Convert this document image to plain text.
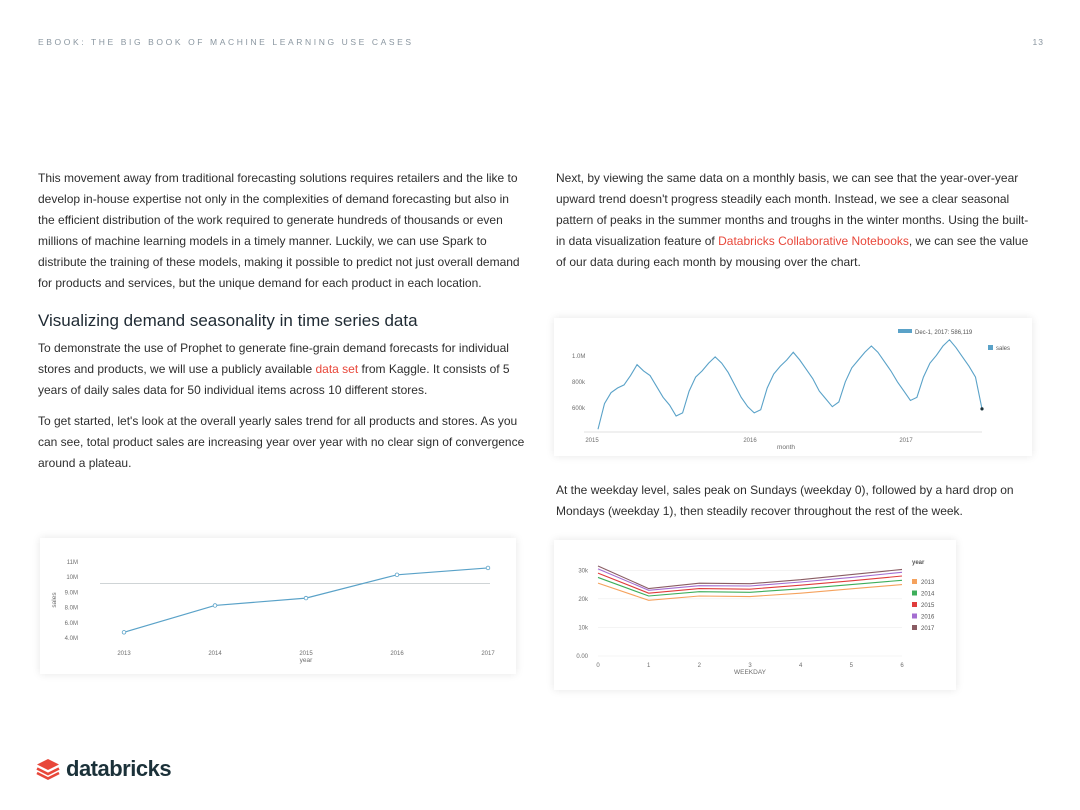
EBOOK: THE BIG BOOK OF MACHINE LEARNING USE CASES	13

This movement away from traditional forecasting solutions requires retailers and the like to develop in-house expertise not only in the complexities of demand forecasting but also in the efficient distribution of the work required to generate hundreds of thousands or even millions of machine learning models in a timely manner. Luckily, we can use Spark to distribute the training of these models, making it possible to predict not just overall demand for products and services, but the unique demand for each product in each location.

Visualizing demand seasonality in time series data

To demonstrate the use of Prophet to generate fine-grain demand forecasts for individual stores and products, we will use a publicly available data set from Kaggle. It consists of 5 years of daily sales data for 50 individual items across 10 different stores.

To get started, let's look at the overall yearly sales trend for all products and stores. As you can see, total product sales are increasing year over year with no clear sign of convergence around a plateau.

Next, by viewing the same data on a monthly basis, we can see that the year-over-year upward trend doesn't progress steadily each month. Instead, we see a clear seasonal pattern of peaks in the summer months and troughs in the winter months. Using the built-in data visualization feature of Databricks Collaborative Notebooks, we can see the value of our data during each month by mousing over the chart.

At the weekday level, sales peak on Sundays (weekday 0), followed by a hard drop on Mondays (weekday 1), then steadily recover throughout the rest of the week.

4.0M
6.0M
8.0M
9.0M
10M
11M
2013	2014	2015	2016	2017
year
sales
1.0M
800k
600k
2015	2016	2017
month
Dec-1, 2017: 586,119
sales
0.00
10k
20k
30k
0	1	2	3	4	5	6
WEEKDAY
year
2013
2014
2015
2016
2017
databricks
